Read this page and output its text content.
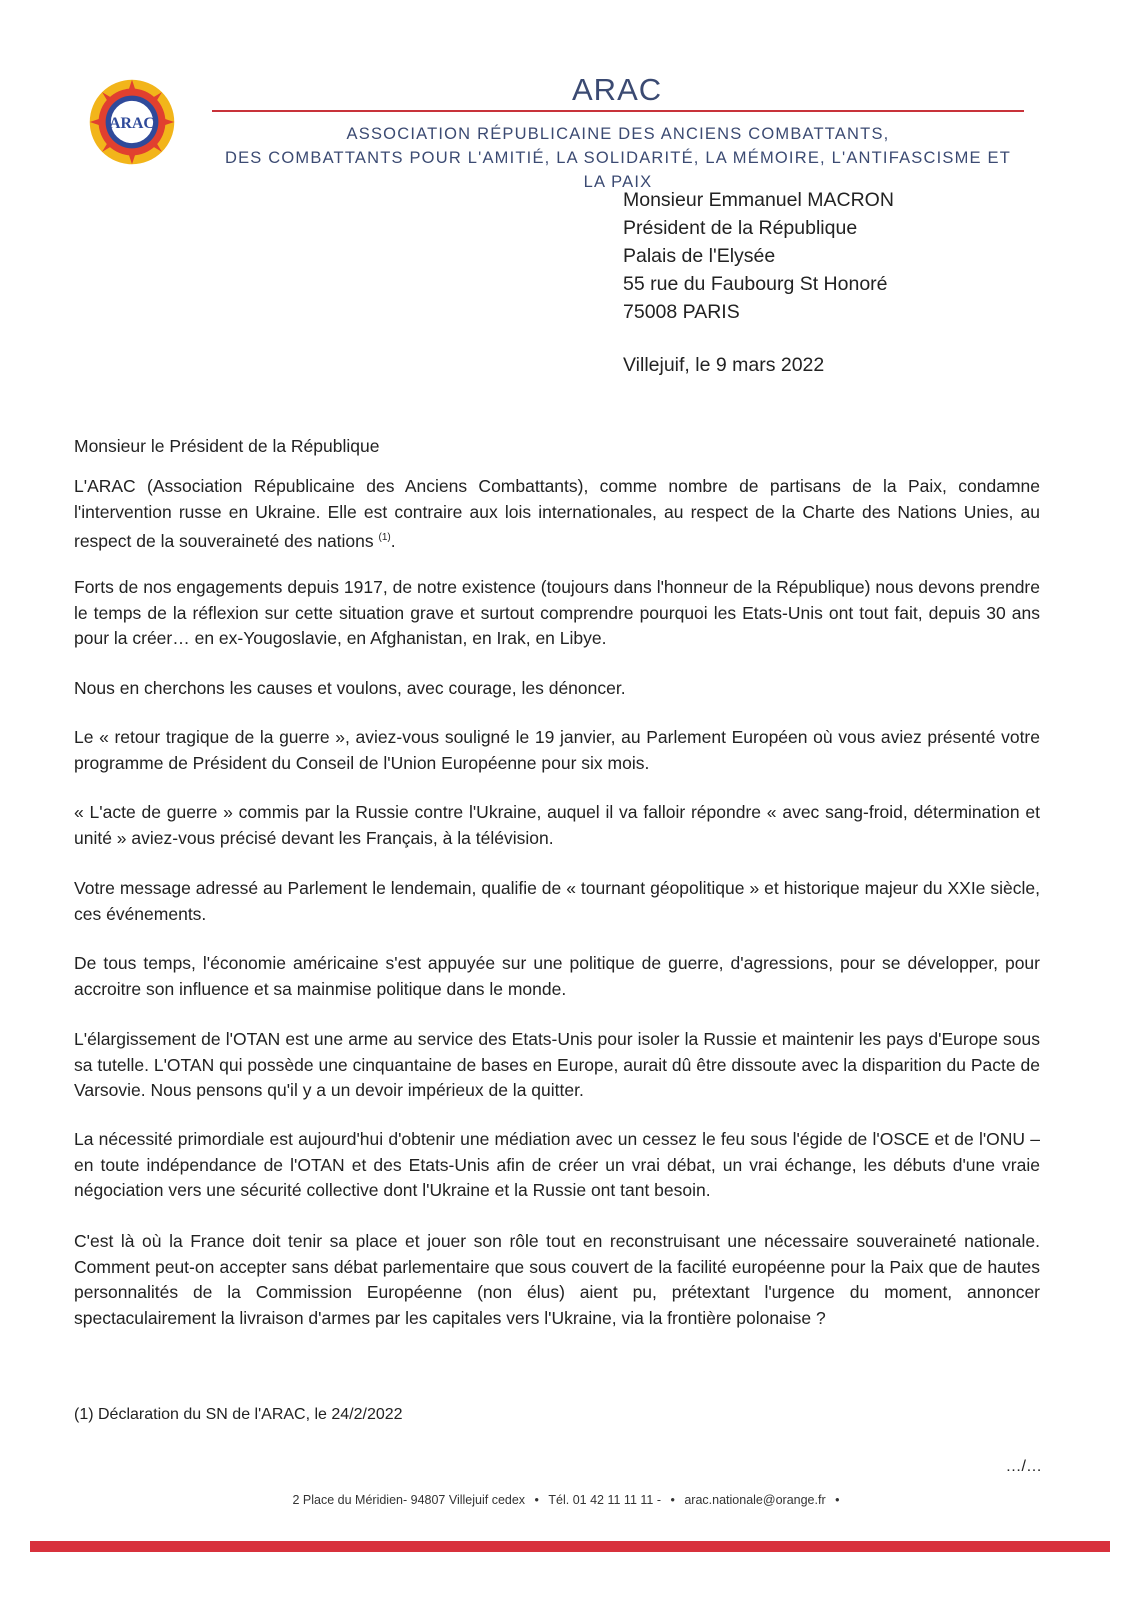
ARAC
ARAC
ASSOCIATION RÉPUBLICAINE DES ANCIENS COMBATTANTS,
DES COMBATTANTS POUR L'AMITIÉ, LA SOLIDARITÉ, LA MÉMOIRE, L'ANTIFASCISME ET LA PAIX
Monsieur Emmanuel MACRON
Président de la République
Palais de l'Elysée
55 rue du Faubourg St Honoré
75008 PARIS
Villejuif, le 9 mars 2022
Monsieur le Président de la République

L'ARAC (Association Républicaine des Anciens Combattants), comme nombre de partisans de la Paix, condamne l'intervention russe en Ukraine. Elle est contraire aux lois internationales, au respect de la Charte des Nations Unies, au respect de la souveraineté des nations $^{(1)}$.

Forts de nos engagements depuis 1917, de notre existence (toujours dans l'honneur de la République) nous devons prendre le temps de la réflexion sur cette situation grave et surtout comprendre pourquoi les Etats-Unis ont tout fait, depuis 30 ans pour la créer… en ex-Yougoslavie, en Afghanistan, en Irak, en Libye.
Nous en cherchons les causes et voulons, avec courage, les dénoncer.
Le « retour tragique de la guerre », aviez-vous souligné le 19 janvier, au Parlement Européen où vous aviez présenté votre programme de Président du Conseil de l'Union Européenne pour six mois.
« L'acte de guerre » commis par la Russie contre l'Ukraine, auquel il va falloir répondre « avec sang-froid, détermination et unité » aviez-vous précisé devant les Français, à la télévision.
Votre message adressé au Parlement le lendemain, qualifie de « tournant géopolitique » et historique majeur du XXIe siècle, ces événements.
De tous temps, l'économie américaine s'est appuyée sur une politique de guerre, d'agressions, pour se développer, pour accroitre son influence et sa mainmise politique dans le monde.
L'élargissement de l'OTAN est une arme au service des Etats-Unis pour isoler la Russie et maintenir les pays d'Europe sous sa tutelle. L'OTAN qui possède une cinquantaine de bases en Europe, aurait dû être dissoute avec la disparition du Pacte de Varsovie. Nous pensons qu'il y a un devoir impérieux de la quitter.
La nécessité primordiale est aujourd'hui d'obtenir une médiation avec un cessez le feu sous l'égide de l'OSCE et de l'ONU – en toute indépendance de l'OTAN et des Etats-Unis afin de créer un vrai débat, un vrai échange, les débuts d'une vraie négociation vers une sécurité collective dont l'Ukraine et la Russie ont tant besoin.
C'est là où la France doit tenir sa place et jouer son rôle tout en reconstruisant une nécessaire souveraineté nationale. Comment peut-on accepter sans débat parlementaire que sous couvert de la facilité européenne pour la Paix que de hautes personnalités de la Commission Européenne (non élus) aient pu, prétextant l'urgence du moment, annoncer spectaculairement la livraison d'armes par les capitales vers l'Ukraine, via la frontière polonaise ?
(1) Déclaration du SN de l'ARAC, le 24/2/2022
…/…
2 Place du Méridien- 94807 Villejuif cedex • Tél. 01 42 11 11 11 - • arac.nationale@orange.fr •
